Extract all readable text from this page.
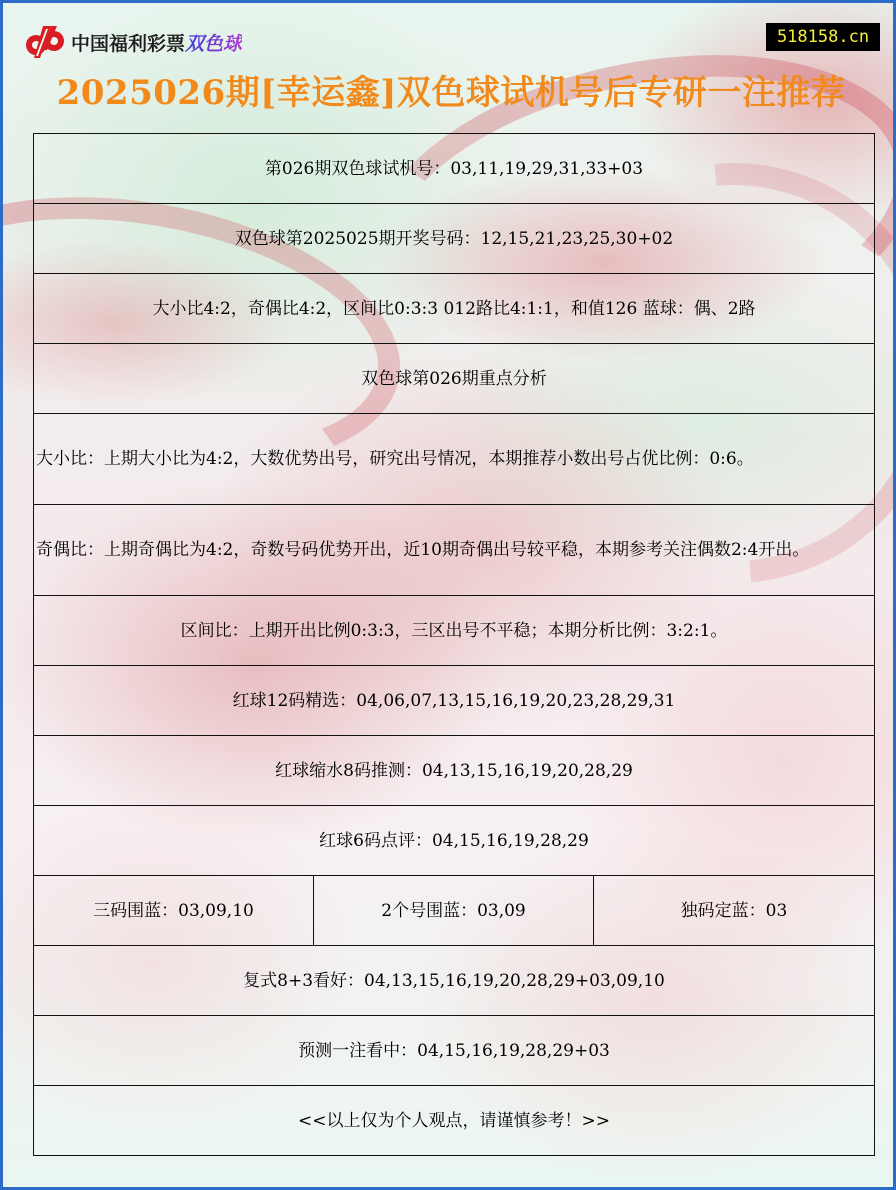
中国福利彩票 双色球	518158.cn
2025026期[幸运鑫]双色球试机号后专研一注推荐
第026期双色球试机号：03,11,19,29,31,33+03
双色球第2025025期开奖号码：12,15,21,23,25,30+02
大小比4:2，奇偶比4:2，区间比0:3:3 012路比4:1:1，和值126 蓝球：偶、2路
双色球第026期重点分析
大小比：上期大小比为4:2，大数优势出号，研究出号情况，本期推荐小数出号占优比例：0:6。
奇偶比：上期奇偶比为4:2，奇数号码优势开出，近10期奇偶出号较平稳，本期参考关注偶数2:4开出。
区间比：上期开出比例0:3:3，三区出号不平稳；本期分析比例：3:2:1。
红球12码精选：04,06,07,13,15,16,19,20,23,28,29,31
红球缩水8码推测：04,13,15,16,19,20,28,29
红球6码点评：04,15,16,19,28,29
三码围蓝：03,09,10	2个号围蓝：03,09	独码定蓝：03
复式8+3看好：04,13,15,16,19,20,28,29+03,09,10
预测一注看中：04,15,16,19,28,29+03
<<以上仅为个人观点，请谨慎参考！>>
